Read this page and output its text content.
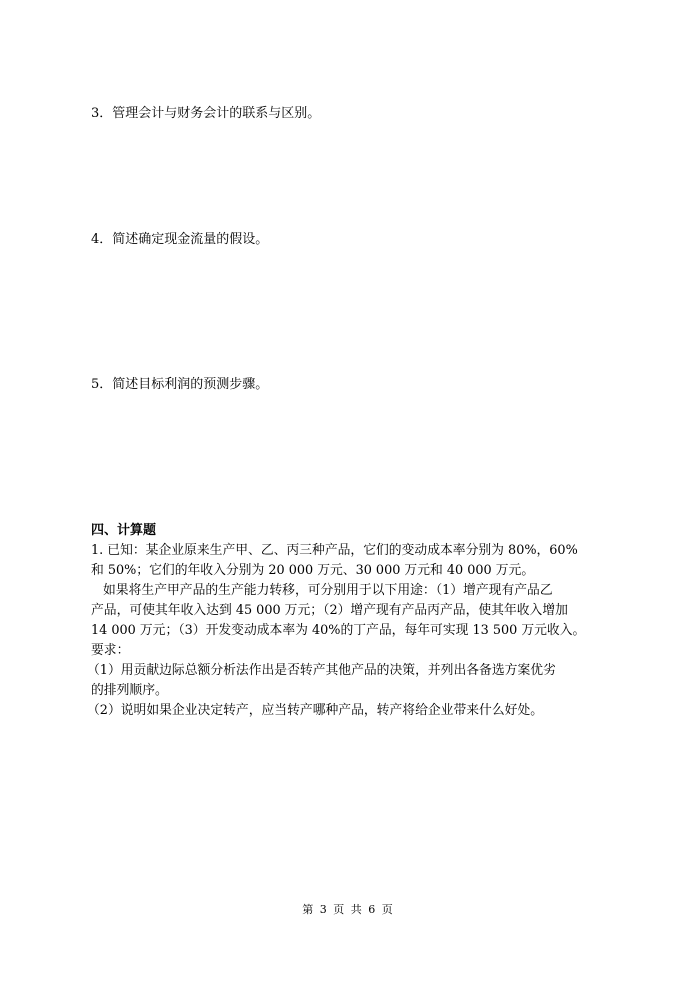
3．管理会计与财务会计的联系与区别。
4．简述确定现金流量的假设。
5．简述目标利润的预测步骤。
四、计算题
1. 已知：某企业原来生产甲、乙、丙三种产品，它们的变动成本率分别为 80%，60%
和 50%；它们的年收入分别为 20 000 万元、30 000 万元和 40 000 万元。
如果将生产甲产品的生产能力转移，可分别用于以下用途：（1）增产现有产品乙
产品，可使其年收入达到 45 000 万元；（2）增产现有产品丙产品，使其年收入增加
14 000 万元；（3）开发变动成本率为 40%的丁产品，每年可实现 13 500 万元收入。
要求：
（1）用贡献边际总额分析法作出是否转产其他产品的决策，并列出各备选方案优劣
的排列顺序。
（2）说明如果企业决定转产，应当转产哪种产品，转产将给企业带来什么好处。
第 3 页 共 6 页
